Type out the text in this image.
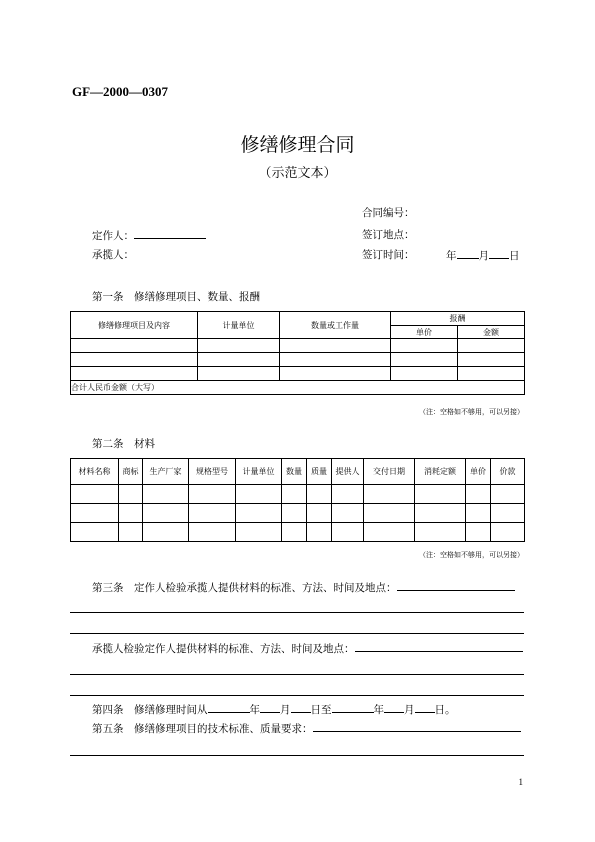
GF—2000—0307
修缮修理合同
（示范文本）
合同编号：
定作人：	签订地点：
承揽人：	签订时间：	年 月 日
第一条　修缮修理项目、数量、报酬
修缮修理项目及内容	计量单位	数量或工作量	报酬	
			单价	金额

合计人民币金额（大写）				
（注：空格如不够用，可以另接）
第二条　材料
材料名称	商标	生产厂家	规格型号	计量单位	数量	质量	提供人	交付日期	消耗定额	单价	价款

（注：空格如不够用，可以另接）
第三条　定作人检验承揽人提供材料的标准、方法、时间及地点：
承揽人检验定作人提供材料的标准、方法、时间及地点：
第四条　修缮修理时间从	年 月 日至	年 月 日。
第五条　修缮修理项目的技术标准、质量要求：
1
